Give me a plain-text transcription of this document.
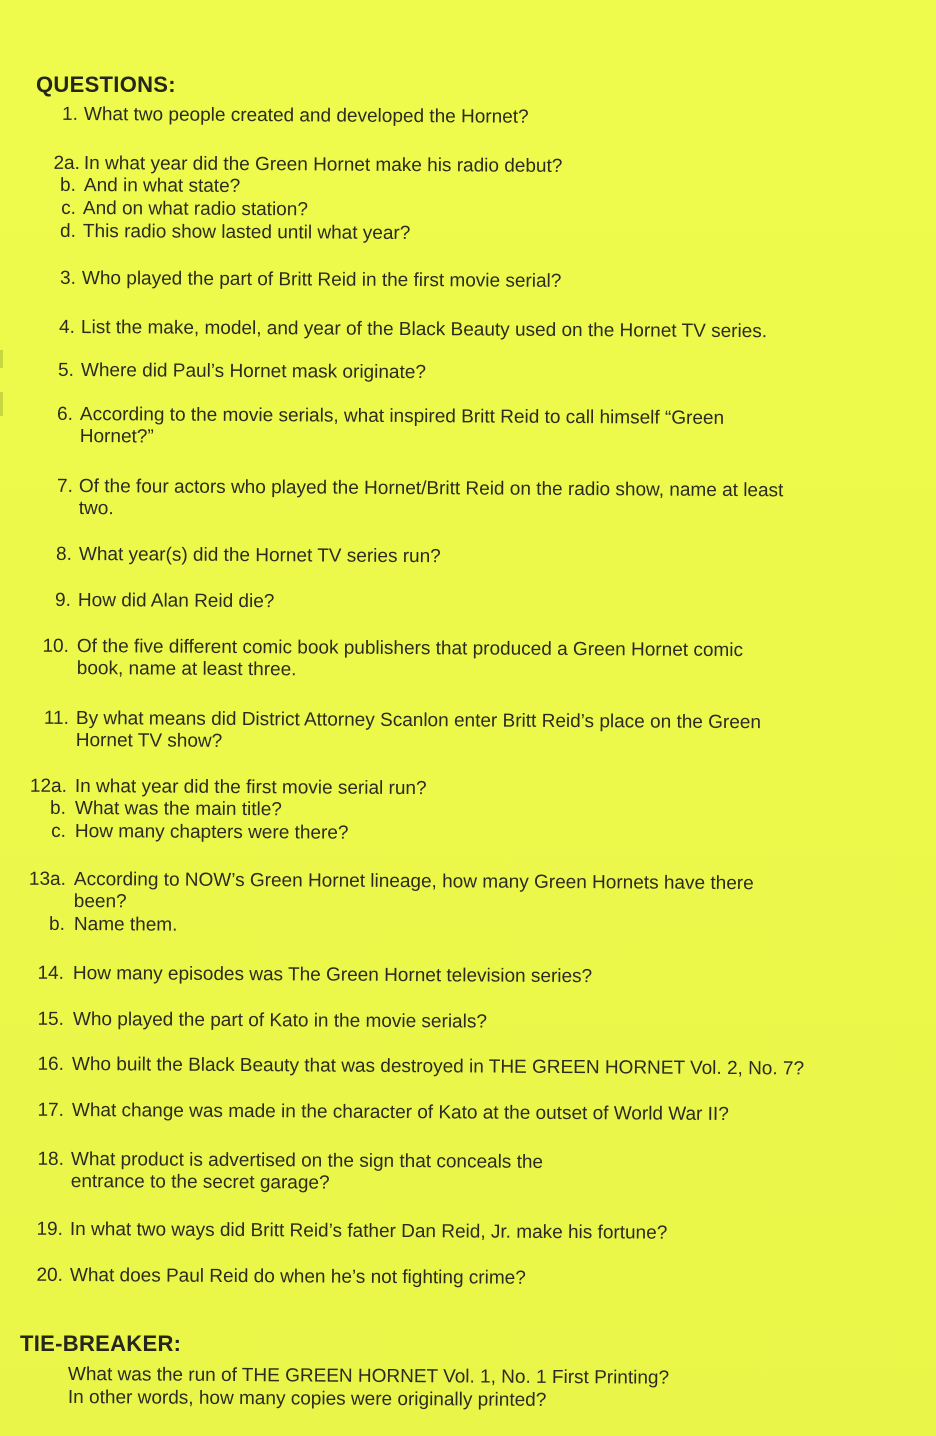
QUESTIONS:
1. What two people created and developed the Hornet?
2a. In what year did the Green Hornet make his radio debut?
b. And in what state?
c. And on what radio station?
d. This radio show lasted until what year?
3. Who played the part of Britt Reid in the first movie serial?
4. List the make, model, and year of the Black Beauty used on the Hornet TV series.
5. Where did Paul’s Hornet mask originate?
6. According to the movie serials, what inspired Britt Reid to call himself “Green
Hornet?”
7. Of the four actors who played the Hornet/Britt Reid on the radio show, name at least
two.
8. What year(s) did the Hornet TV series run?
9. How did Alan Reid die?
10. Of the five different comic book publishers that produced a Green Hornet comic
book, name at least three.
11. By what means did District Attorney Scanlon enter Britt Reid’s place on the Green
Hornet TV show?
12a. In what year did the first movie serial run?
b. What was the main title?
c. How many chapters were there?
13a. According to NOW’s Green Hornet lineage, how many Green Hornets have there
been?
b. Name them.
14. How many episodes was The Green Hornet television series?
15. Who played the part of Kato in the movie serials?
16. Who built the Black Beauty that was destroyed in THE GREEN HORNET Vol. 2, No. 7?
17. What change was made in the character of Kato at the outset of World War II?
18. What product is advertised on the sign that conceals the
entrance to the secret garage?
19. In what two ways did Britt Reid’s father Dan Reid, Jr. make his fortune?
20. What does Paul Reid do when he’s not fighting crime?
TIE-BREAKER:
What was the run of THE GREEN HORNET Vol. 1, No. 1 First Printing?
In other words, how many copies were originally printed?
